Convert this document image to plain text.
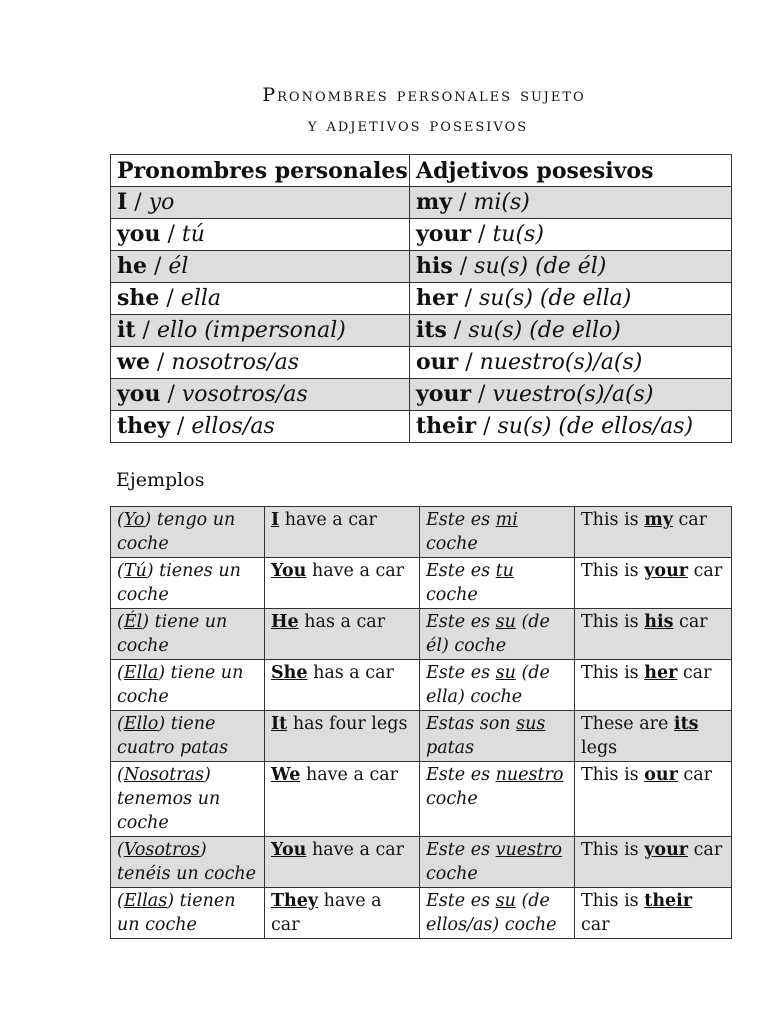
Pronombres personales sujeto
y adjetivos posesivos
Pronombres personales	Adjetivos posesivos
I / yo	my / mi(s)
you / tú	your / tu(s)
he / él	his / su(s) (de él)
she / ella	her / su(s) (de ella)
it / ello (impersonal)	its / su(s) (de ello)
we / nosotros/as	our / nuestro(s)/a(s)
you / vosotros/as	your / vuestro(s)/a(s)
they / ellos/as	their / su(s) (de ellos/as)
Ejemplos
(Yo) tengo un coche	I have a car	Este es mi coche	This is my car
(Tú) tienes un coche	You have a car	Este es tu coche	This is your car
(Él) tiene un coche	He has a car	Este es su (de él) coche	This is his car
(Ella) tiene un coche	She has a car	Este es su (de ella) coche	This is her car
(Ello) tiene cuatro patas	It has four legs	Estas son sus patas	These are its legs
(Nosotras) tenemos un coche	We have a car	Este es nuestro coche	This is our car
(Vosotros) tenéis un coche	You have a car	Este es vuestro coche	This is your car
(Ellas) tienen un coche	They have a car	Este es su (de ellos/as) coche	This is their car
